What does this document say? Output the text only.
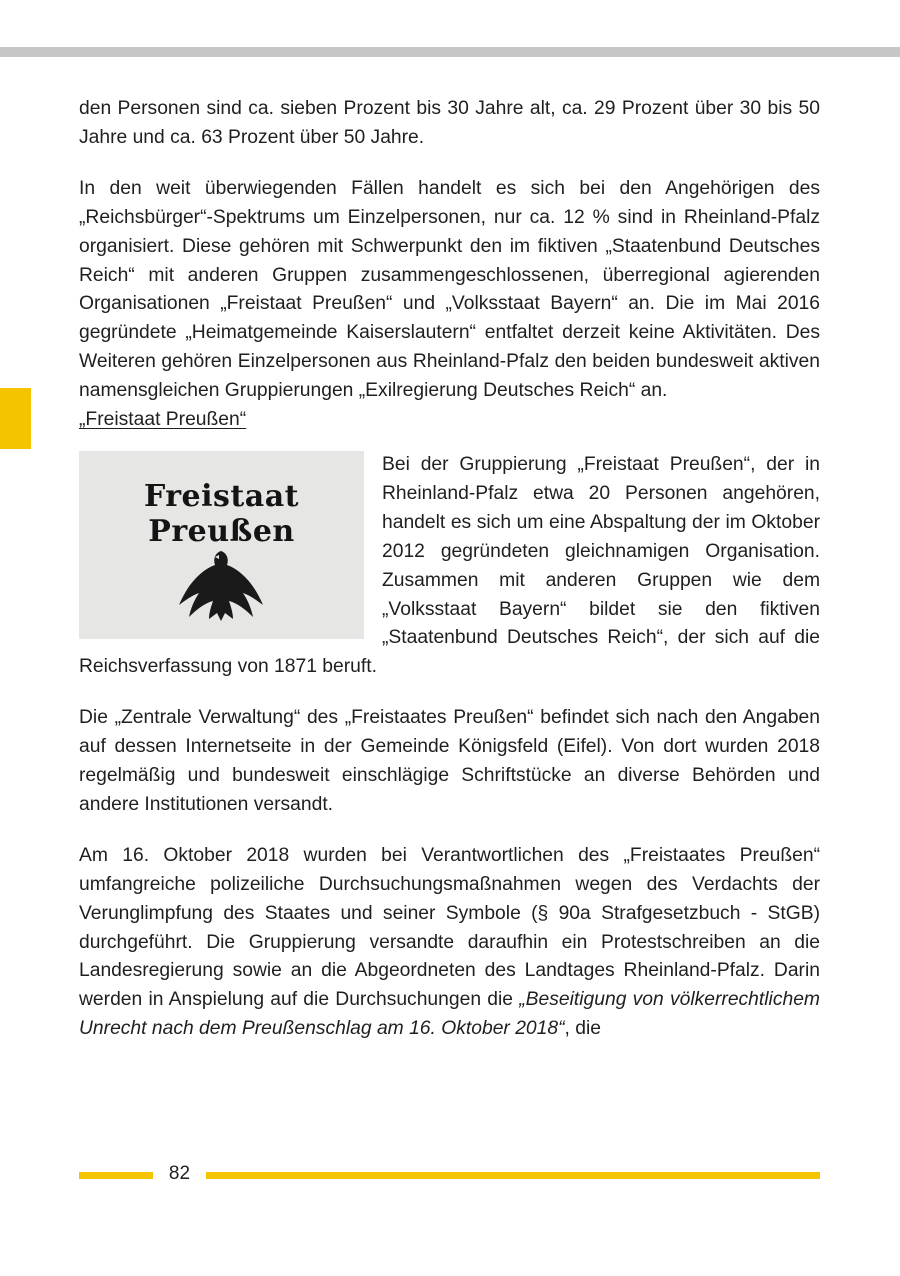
den Personen sind ca. sieben Prozent bis 30 Jahre alt, ca. 29 Prozent über 30 bis 50 Jahre und ca. 63 Prozent über 50 Jahre.

In den weit überwiegenden Fällen handelt es sich bei den Angehörigen des „Reichsbürger“-Spektrums um Einzelpersonen, nur ca. 12 % sind in Rheinland-Pfalz organisiert. Diese gehören mit Schwerpunkt den im fiktiven „Staatenbund Deutsches Reich“ mit anderen Gruppen zusammengeschlossenen, überregional agierenden Organisationen „Freistaat Preußen“ und „Volksstaat Bayern“ an. Die im Mai 2016 gegründete „Heimatgemeinde Kaiserslautern“ entfaltet derzeit keine Aktivitäten. Des Weiteren gehören Einzelpersonen aus Rheinland-Pfalz den beiden bundesweit aktiven namensgleichen Gruppierungen „Exilregierung Deutsches Reich“ an.

„Freistaat Preußen“
Freistaat Preußen

Bei der Gruppierung „Freistaat Preußen“, der in Rheinland-Pfalz etwa 20 Personen angehören, handelt es sich um eine Abspaltung der im Oktober 2012 gegründeten gleichnamigen Organisation. Zusammen mit anderen Gruppen wie dem „Volksstaat Bayern“ bildet sie den fiktiven „Staatenbund Deutsches Reich“, der sich auf die Reichsverfassung von 1871 beruft.

Die „Zentrale Verwaltung“ des „Freistaates Preußen“ befindet sich nach den Angaben auf dessen Internetseite in der Gemeinde Königsfeld (Eifel). Von dort wurden 2018 regelmäßig und bundesweit einschlägige Schriftstücke an diverse Behörden und andere Institutionen versandt.

Am 16. Oktober 2018 wurden bei Verantwortlichen des „Freistaates Preußen“ umfangreiche polizeiliche Durchsuchungsmaßnahmen wegen des Verdachts der Verunglimpfung des Staates und seiner Symbole (§ 90a Strafgesetzbuch - StGB) durchgeführt. Die Gruppierung versandte daraufhin ein Protestschreiben an die Landesregierung sowie an die Abgeordneten des Landtages Rheinland-Pfalz. Darin werden in Anspielung auf die Durchsuchungen die „Beseitigung von völkerrechtlichem Unrecht nach dem Preußenschlag am 16. Oktober 2018“, die

82
